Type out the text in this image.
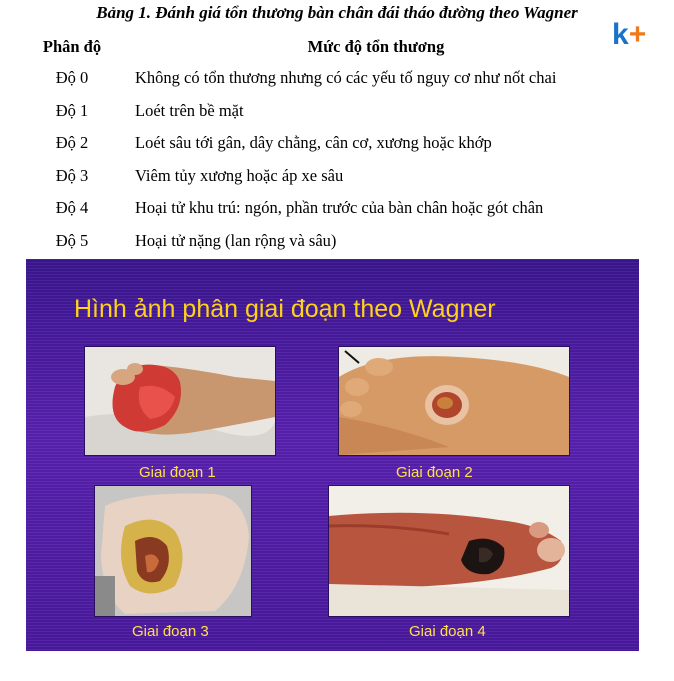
Bảng 1. Đánh giá tổn thương bàn chân đái tháo đường theo Wagner
k+
Phân độ	Mức độ tổn thương
Độ 0	Không có tổn thương nhưng có các yếu tố nguy cơ như nốt chai
Độ 1	Loét trên bề mặt
Độ 2	Loét sâu tới gân, dây chằng, cân cơ, xương hoặc khớp
Độ 3	Viêm tủy xương hoặc áp xe sâu
Độ 4	Hoại tử khu trú: ngón, phần trước của bàn chân hoặc gót chân
Độ 5	Hoại tử nặng (lan rộng và sâu)
Hình ảnh phân giai đoạn theo Wagner
Giai đoạn 1	Giai đoạn 2
Giai đoạn 3	Giai đoạn 4
